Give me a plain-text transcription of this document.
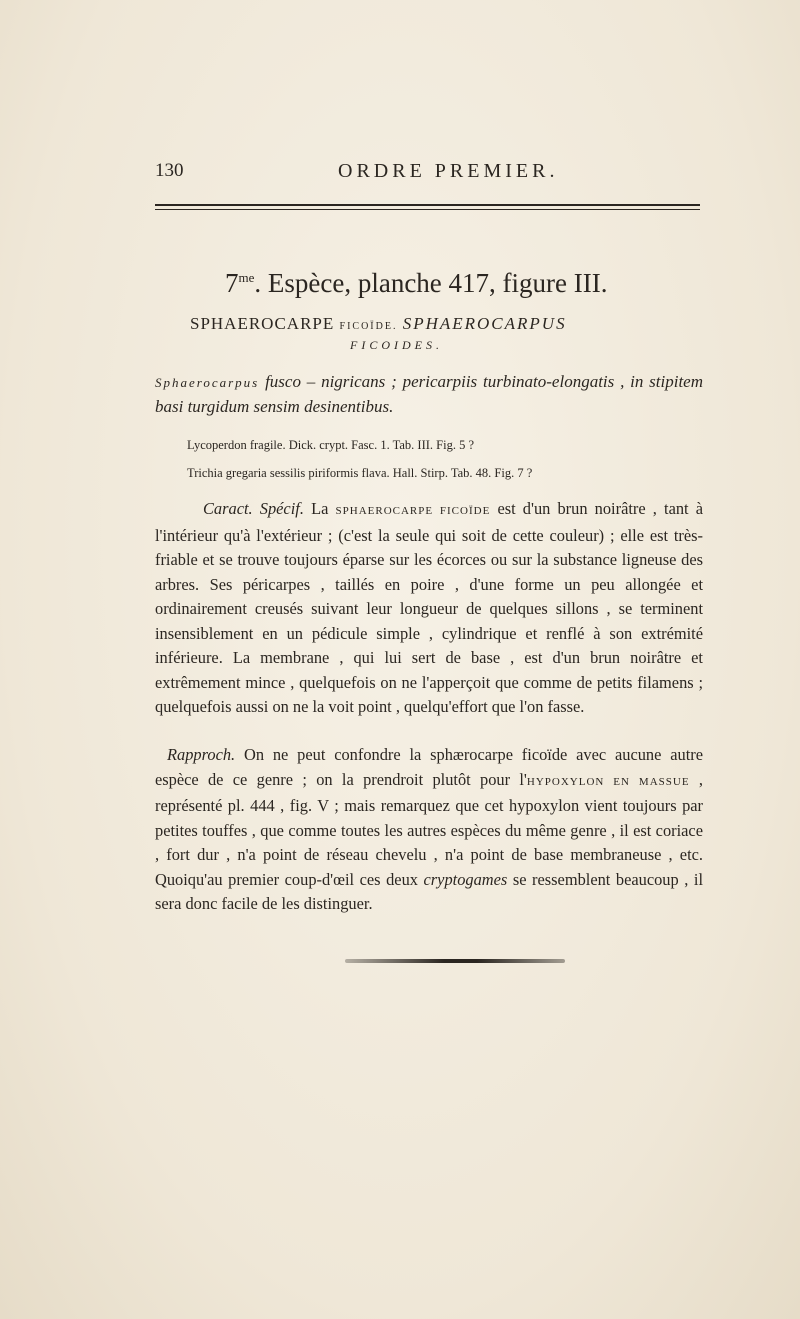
130	ORDRE PREMIER.
$7^{me}$. Espèce, planche 417, figure III.
SPHAEROCARPE FICOÏDE. SPHAEROCARPUS
FICOIDES.
Sphaerocarpus fusco – nigricans ; pericarpiis turbinato-elongatis , in stipitem basi turgidum sensim desinentibus.
Lycoperdon fragile. Dick. crypt. Fasc. 1. Tab. III. Fig. 5 ?
Trichia gregaria sessilis piriformis flava. Hall. Stirp. Tab. 48. Fig. 7 ?
Caract. Spécif. La SPHAEROCARPE FICOÏDE est d'un brun noirâtre , tant à l'intérieur qu'à l'extérieur ; (c'est la seule qui soit de cette couleur) ; elle est très-friable et se trouve toujours éparse sur les écorces ou sur la substance ligneuse des arbres. Ses péricarpes , taillés en poire , d'une forme un peu allongée et ordinairement creusés suivant leur longueur de quelques sillons , se terminent insensiblement en un pédicule simple , cylindrique et renflé à son extrémité inférieure. La membrane , qui lui sert de base , est d'un brun noirâtre et extrêmement mince , quelquefois on ne l'apperçoit que comme de petits filamens ; quelquefois aussi on ne la voit point , quelqu'effort que l'on fasse.
Rapproch. On ne peut confondre la sphærocarpe ficoïde avec aucune autre espèce de ce genre ; on la prendroit plutôt pour l'HYPOXYLON EN MASSUE , représenté pl. 444 , fig. V ; mais remarquez que cet hypoxylon vient toujours par petites touffes , que comme toutes les autres espèces du même genre , il est coriace , fort dur , n'a point de réseau chevelu , n'a point de base membraneuse , etc. Quoiqu'au premier coup-d'œil ces deux cryptogames se ressemblent beaucoup , il sera donc facile de les distinguer.
